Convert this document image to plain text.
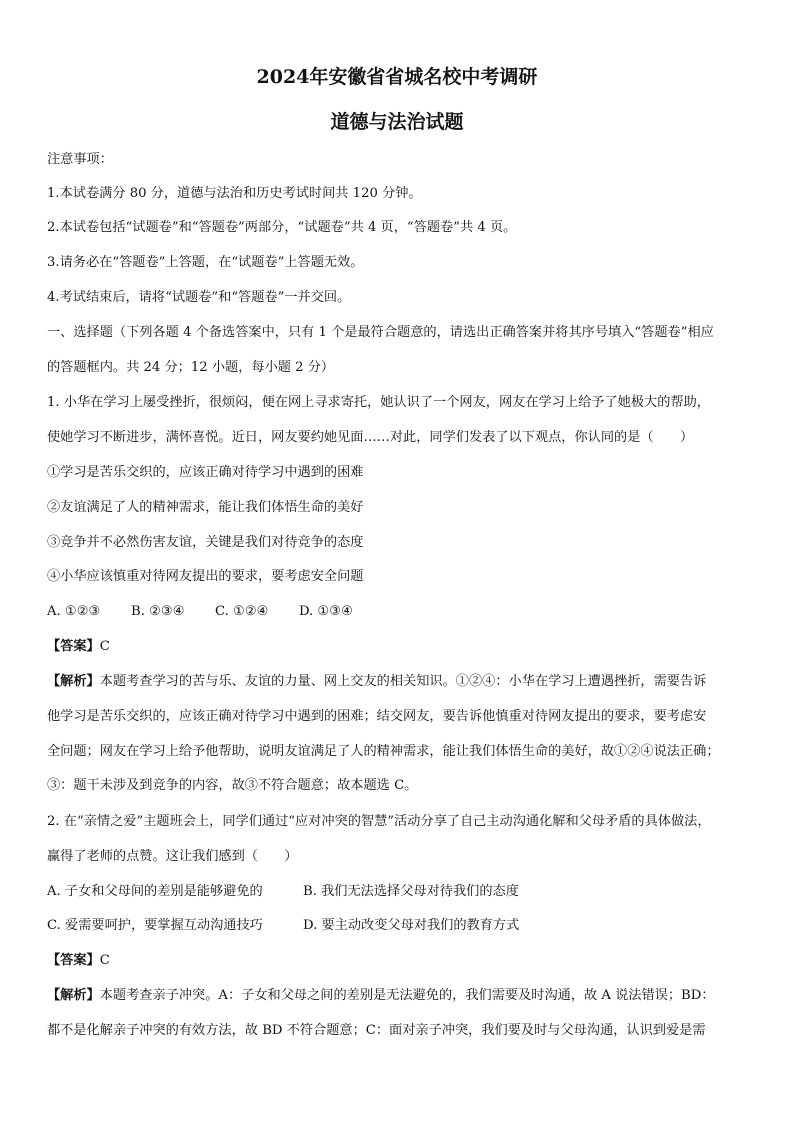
2024年安徽省省城名校中考调研
道德与法治试题
注意事项：
1.本试卷满分 80 分，道德与法治和历史考试时间共 120 分钟。
2.本试卷包括“试题卷”和“答题卷”两部分，“试题卷”共 4 页，“答题卷”共 4 页。
3.请务必在“答题卷”上答题，在“试题卷”上答题无效。
4.考试结束后，请将“试题卷”和“答题卷”一并交回。
一、选择题（下列各题 4 个备选答案中，只有 1 个是最符合题意的，请选出正确答案并将其序号填入“答题卷”相应
的答题框内。共 24 分；12 小题，每小题 2 分）
1. 小华在学习上屡受挫折，很烦闷，便在网上寻求寄托，她认识了一个网友，网友在学习上给予了她极大的帮助，
使她学习不断进步，满怀喜悦。近日，网友要约她见面……对此，同学们发表了以下观点，你认同的是（　　）
①学习是苦乐交织的，应该正确对待学习中遇到的困难
②友谊满足了人的精神需求，能让我们体悟生命的美好
③竞争并不必然伤害友谊，关键是我们对待竞争的态度
④小华应该慎重对待网友提出的要求，要考虑安全问题
A. ①②③ B. ②③④ C. ①②④ D. ①③④
【答案】C
【解析】本题考查学习的苦与乐、友谊的力量、网上交友的相关知识。①②④：小华在学习上遭遇挫折，需要告诉
他学习是苦乐交织的，应该正确对待学习中遇到的困难；结交网友，要告诉他慎重对待网友提出的要求，要考虑安
全问题；网友在学习上给予他帮助，说明友谊满足了人的精神需求，能让我们体悟生命的美好，故①②④说法正确；
③：题干未涉及到竞争的内容，故③不符合题意；故本题选 C。
2. 在“亲情之爱”主题班会上，同学们通过“应对冲突的智慧”活动分享了自己主动沟通化解和父母矛盾的具体做法，
赢得了老师的点赞。这让我们感到（　　）
A. 子女和父母间的差别是能够避免的	B. 我们无法选择父母对待我们的态度
C. 爱需要呵护，要掌握互动沟通技巧	D. 要主动改变父母对我们的教育方式
【答案】C
【解析】本题考查亲子冲突。A：子女和父母之间的差别是无法避免的，我们需要及时沟通，故 A 说法错误；BD：
都不是化解亲子冲突的有效方法，故 BD 不符合题意；C：面对亲子冲突，我们要及时与父母沟通，认识到爱是需
